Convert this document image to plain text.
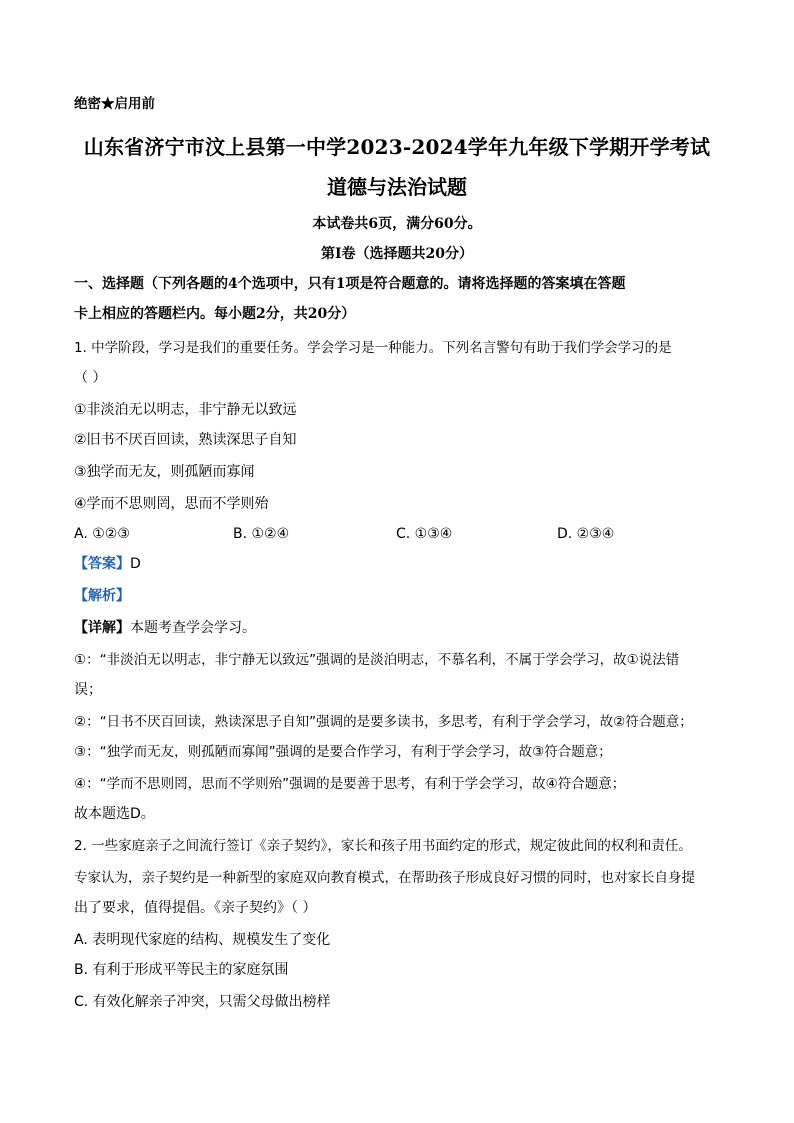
绝密★启用前
山东省济宁市汶上县第一中学2023-2024学年九年级下学期开学考试
道德与法治试题
本试卷共6页，满分60分。
第I卷（选择题共20分）
一、选择题（下列各题的4个选项中，只有1项是符合题意的。请将选择题的答案填在答题
卡上相应的答题栏内。每小题2分，共20分）
1. 中学阶段，学习是我们的重要任务。学会学习是一种能力。下列名言警句有助于我们学会学习的是
（ ）
①非淡泊无以明志，非宁静无以致远
②旧书不厌百回读，熟读深思子自知
③独学而无友，则孤陋而寡闻
④学而不思则罔，思而不学则殆
A. ①②③	B. ①②④	C. ①③④	D. ②③④
【答案】D
【解析】
【详解】本题考查学会学习。
①：“非淡泊无以明志，非宁静无以致远”强调的是淡泊明志，不慕名利，不属于学会学习，故①说法错
误；
②：“日书不厌百回读，熟读深思子自知”强调的是要多读书，多思考，有利于学会学习，故②符合题意；
③：“独学而无友，则孤陋而寡闻”强调的是要合作学习，有利于学会学习，故③符合题意；
④：“学而不思则罔，思而不学则殆”强调的是要善于思考，有利于学会学习，故④符合题意；
故本题选D。
2. 一些家庭亲子之间流行签订《亲子契约》，家长和孩子用书面约定的形式，规定彼此间的权利和责任。
专家认为，亲子契约是一种新型的家庭双向教育模式，在帮助孩子形成良好习惯的同时，也对家长自身提
出了要求，值得提倡。《亲子契约》（ ）
A. 表明现代家庭的结构、规模发生了变化
B. 有利于形成平等民主的家庭氛围
C. 有效化解亲子冲突，只需父母做出榜样
